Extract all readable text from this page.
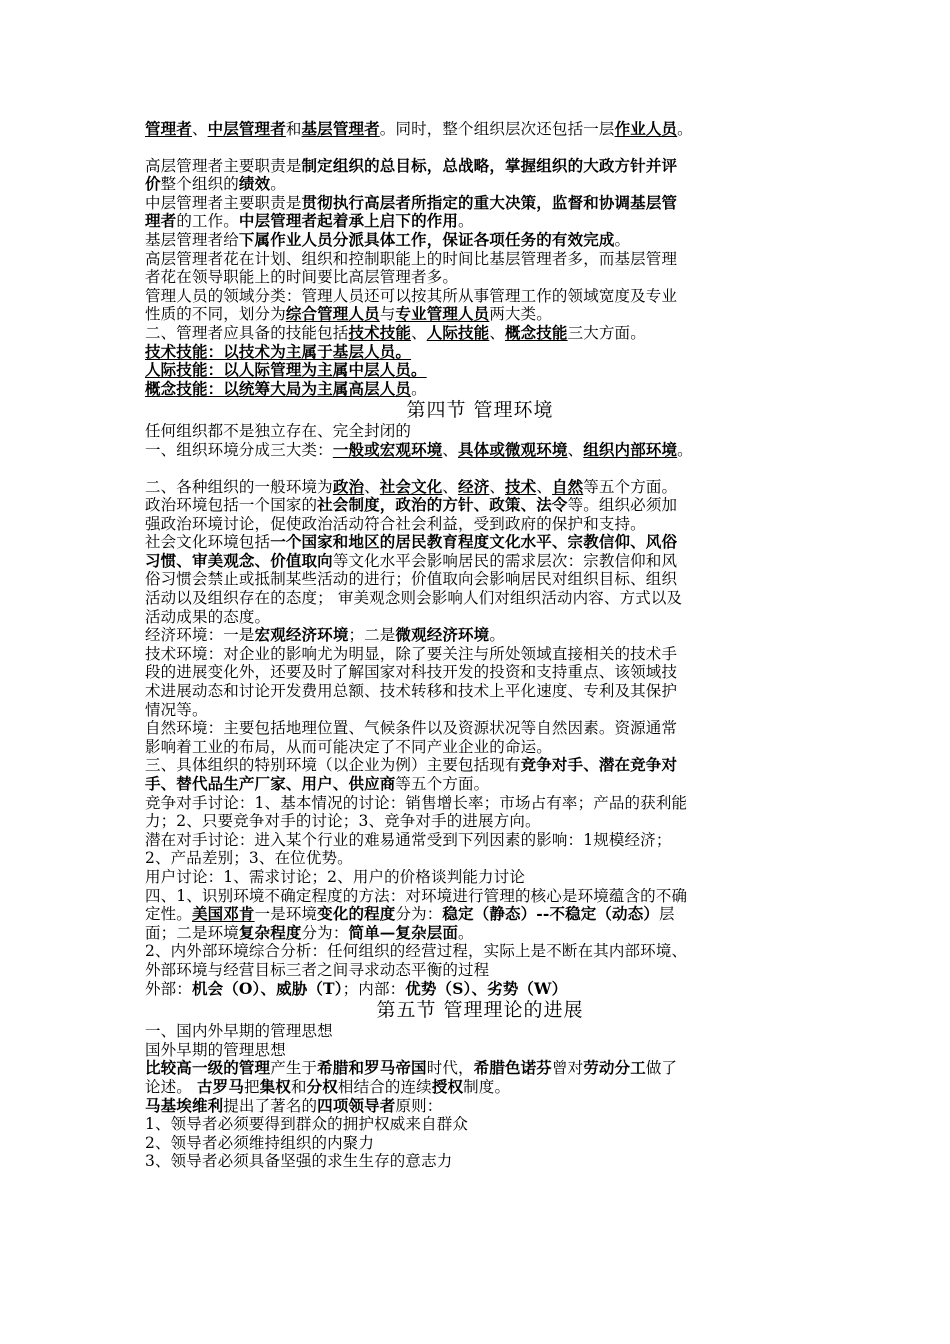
管理者、中层管理者和基层管理者。同时，整个组织层次还包括一层作业人员。
高层管理者主要职责是制定组织的总目标，总战略，掌握组织的大政方针并评
价整个组织的绩效。
中层管理者主要职责是贯彻执行高层者所指定的重大决策，监督和协调基层管
理者的工作。中层管理者起着承上启下的作用。
基层管理者给下属作业人员分派具体工作，保证各项任务的有效完成。
高层管理者花在计划、组织和控制职能上的时间比基层管理者多，而基层管理
者花在领导职能上的时间要比高层管理者多。
管理人员的领域分类：管理人员还可以按其所从事管理工作的领域宽度及专业
性质的不同，划分为综合管理人员与专业管理人员两大类。
二、管理者应具备的技能包括技术技能、人际技能、概念技能三大方面。
技术技能：以技术为主属于基层人员。
人际技能：以人际管理为主属中层人员。
概念技能：以统筹大局为主属高层人员。
第四节 管理环境
任何组织都不是独立存在、完全封闭的
一、组织环境分成三大类：一般或宏观环境、具体或微观环境、组织内部环境。
二、各种组织的一般环境为政治、社会文化、经济、技术、自然等五个方面。
政治环境包括一个国家的社会制度，政治的方针、政策、法令等。组织必须加
强政治环境讨论，促使政治活动符合社会利益，受到政府的保护和支持。
社会文化环境包括一个国家和地区的居民教育程度文化水平、宗教信仰、风俗
习惯、审美观念、价值取向等文化水平会影响居民的需求层次：宗教信仰和风
俗习惯会禁止或抵制某些活动的进行；价值取向会影响居民对组织目标、组织
活动以及组织存在的态度； 审美观念则会影响人们对组织活动内容、方式以及
活动成果的态度。
经济环境：一是宏观经济环境；二是微观经济环境。
技术环境：对企业的影响尤为明显，除了要关注与所处领域直接相关的技术手
段的进展变化外，还要及时了解国家对科技开发的投资和支持重点、该领域技
术进展动态和讨论开发费用总额、技术转移和技术上平化速度、专利及其保护
情况等。
自然环境：主要包括地理位置、气候条件以及资源状况等自然因素。资源通常
影响着工业的布局，从而可能决定了不同产业企业的命运。
三、具体组织的特别环境（以企业为例）主要包括现有竞争对手、潜在竞争对
手、替代品生产厂家、用户、供应商等五个方面。
竞争对手讨论：1、基本情况的讨论：销售增长率；市场占有率；产品的获利能
力；2、只要竞争对手的讨论；3、竞争对手的进展方向。
潜在对手讨论：进入某个行业的难易通常受到下列因素的影响：1规模经济；
2、产品差别；3、在位优势。
用户讨论：1、需求讨论；2、用户的价格谈判能力讨论
四、1、识别环境不确定程度的方法：对环境进行管理的核心是环境蕴含的不确
定性。美国邓肯一是环境变化的程度分为：稳定（静态）--不稳定（动态）层
面；二是环境复杂程度分为：简单—复杂层面。
2、内外部环境综合分析：任何组织的经营过程，实际上是不断在其内部环境、
外部环境与经营目标三者之间寻求动态平衡的过程
外部：机会（O）、威胁（T）；内部：优势（S）、劣势（W）
第五节 管理理论的进展
一、国内外早期的管理思想
国外早期的管理思想
比较高一级的管理产生于希腊和罗马帝国时代，希腊色诺芬曾对劳动分工做了
论述。 古罗马把集权和分权相结合的连续授权制度。
马基埃维利提出了著名的四项领导者原则：
1、领导者必须要得到群众的拥护权威来自群众
2、领导者必须维持组织的内聚力
3、领导者必须具备坚强的求生生存的意志力
